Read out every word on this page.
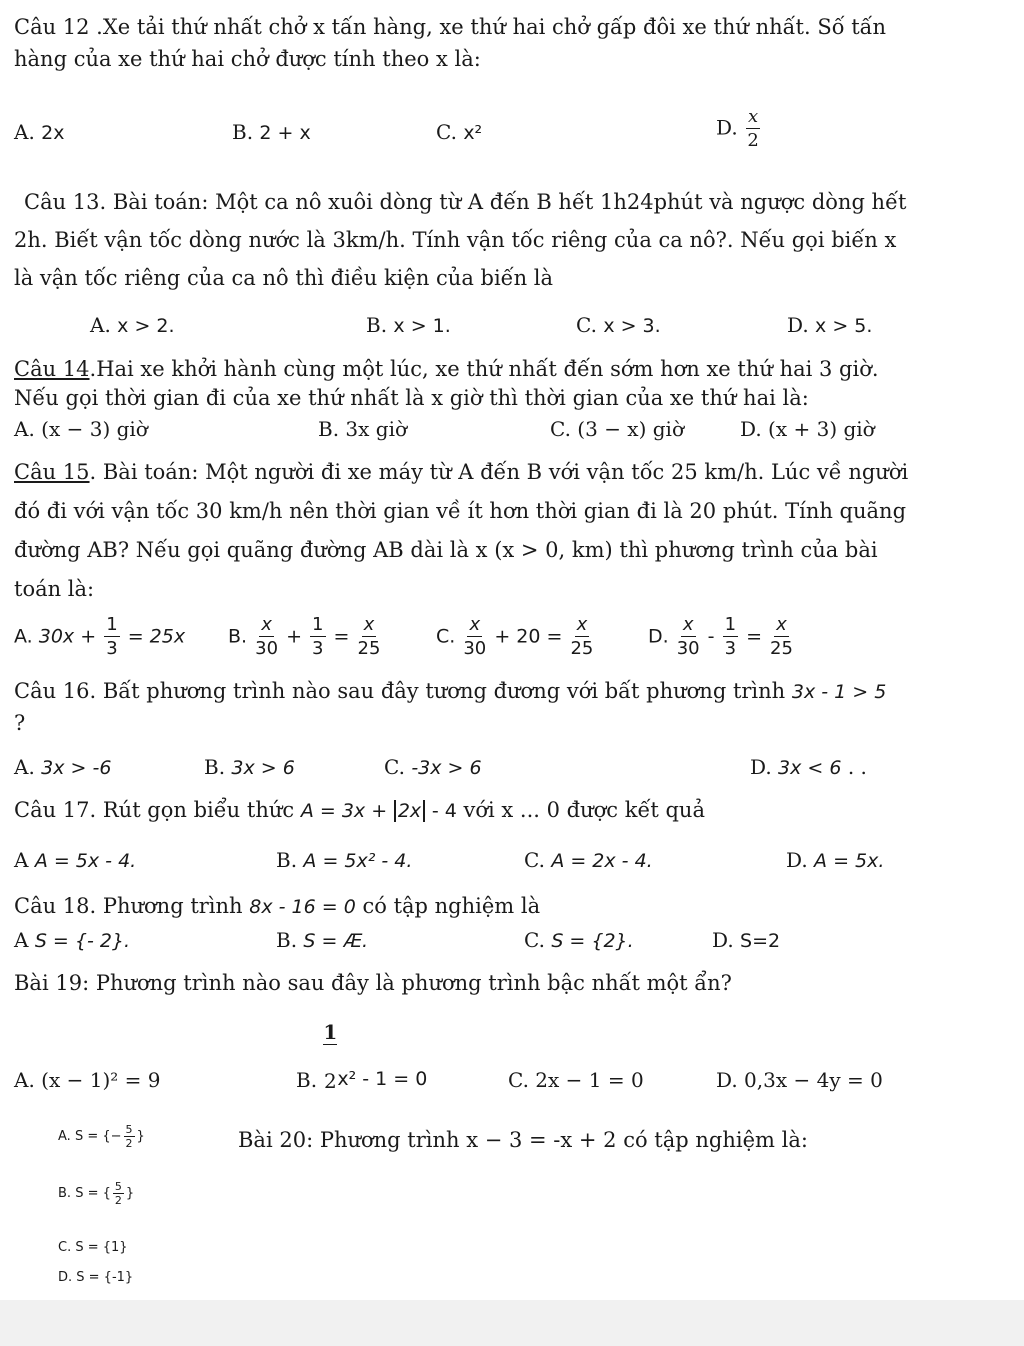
Câu 12 .Xe tải thứ nhất chở x tấn hàng, xe thứ hai chở gấp đôi xe thứ nhất. Số tấn
hàng của xe thứ hai chở được tính theo x là:
A. 2x	B. 2 + x	C. x²	D. $\frac{x}{2}$
Câu 13. Bài toán: Một ca nô xuôi dòng từ A đến B hết 1h24phút và ngược dòng hết
2h. Biết vận tốc dòng nước là 3km/h. Tính vận tốc riêng của ca nô?. Nếu gọi biến x
là vận tốc riêng của ca nô thì điều kiện của biến là
A. x > 2.	B. x > 1.	C. x > 3.	D. x > 5.
Câu 14.Hai xe khởi hành cùng một lúc, xe thứ nhất đến sớm hơn xe thứ hai 3 giờ.
Nếu gọi thời gian đi của xe thứ nhất là x giờ thì thời gian của xe thứ hai là:
A. (x − 3) giờ	B. 3x giờ	C. (3 − x) giờ	D. (x + 3) giờ
Câu 15. Bài toán: Một người đi xe máy từ A đến B với vận tốc 25 km/h. Lúc về người
đó đi với vận tốc 30 km/h nên thời gian về ít hơn thời gian đi là 20 phút. Tính quãng
đường AB? Nếu gọi quãng đường AB dài là x (x > 0, km) thì phương trình của bài
toán là:
A. $30x + \frac{1}{3} = 25x$ B. $\frac{x}{30} + \frac{1}{3} = \frac{x}{25}$	C. $\frac{x}{30} + 20 = \frac{x}{25}$	D. $\frac{x}{30} - \frac{1}{3} = \frac{x}{25}$
Câu 16. Bất phương trình nào sau đây tương đương với bất phương trình 3x - 1 > 5
?
A. 3x > -6	B. 3x > 6	C. -3x > 6	D. 3x < 6 . .
Câu 17. Rút gọn biểu thức A = 3x + 2x - 4 với x ... 0 được kết quả
A A = 5x - 4.	B. A = 5x² - 4.	C. A = 2x - 4.	D. A = 5x.
Câu 18. Phương trình 8x - 16 = 0 có tập nghiệm là
A S = {- 2}.	B. S = Æ.	C. S = {2}.	D. S=2
Bài 19: Phương trình nào sau đây là phương trình bậc nhất một ẩn?
A. (x − 1)² = 9	B. $\frac{1}{2} x^2 - 1 = 0$	C. 2x − 1 = 0	D. 0,3x − 4y = 0
A. S = {− $\frac{5}{2}$ }	Bài 20: Phương trình x − 3 = -x + 2 có tập nghiệm là:
B. S = { $\frac{5}{2}$ }
C. S = {1}
D. S = {-1}
